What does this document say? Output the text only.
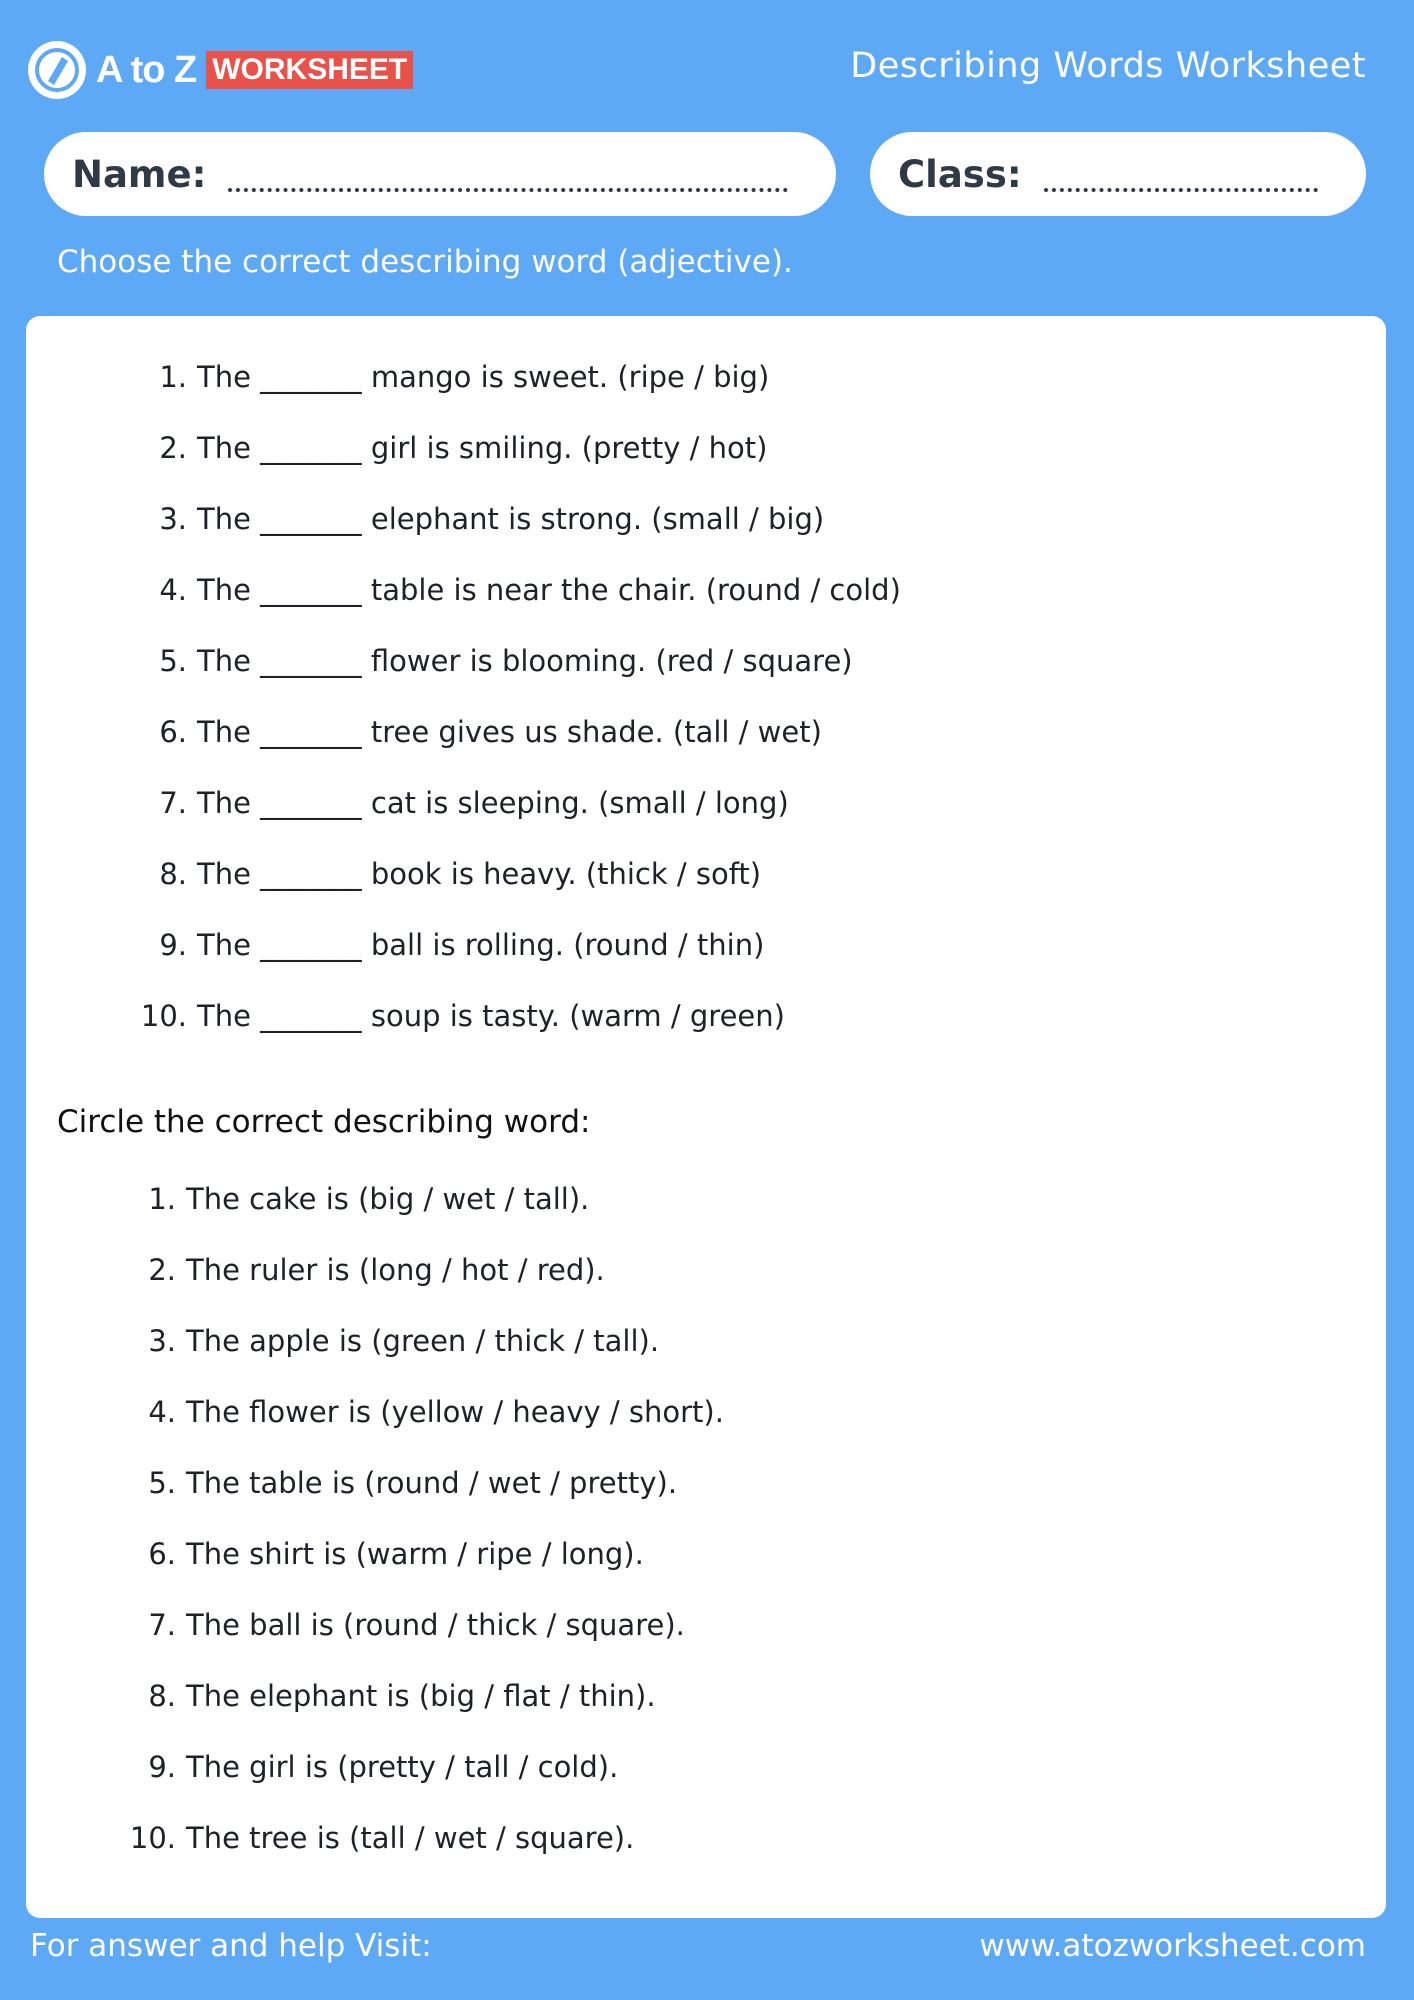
A to Z WORKSHEET	Describing Words Worksheet
Name:	Class:
Choose the correct describing word (adjective).
1. The _______ mango is sweet. (ripe / big)
2. The _______ girl is smiling. (pretty / hot)
3. The _______ elephant is strong. (small / big)
4. The _______ table is near the chair. (round / cold)
5. The _______ flower is blooming. (red / square)
6. The _______ tree gives us shade. (tall / wet)
7. The _______ cat is sleeping. (small / long)
8. The _______ book is heavy. (thick / soft)
9. The _______ ball is rolling. (round / thin)
10. The _______ soup is tasty. (warm / green)
Circle the correct describing word:
1. The cake is (big / wet / tall).
2. The ruler is (long / hot / red).
3. The apple is (green / thick / tall).
4. The flower is (yellow / heavy / short).
5. The table is (round / wet / pretty).
6. The shirt is (warm / ripe / long).
7. The ball is (round / thick / square).
8. The elephant is (big / flat / thin).
9. The girl is (pretty / tall / cold).
10. The tree is (tall / wet / square).
For answer and help Visit:	www.atozworksheet.com
